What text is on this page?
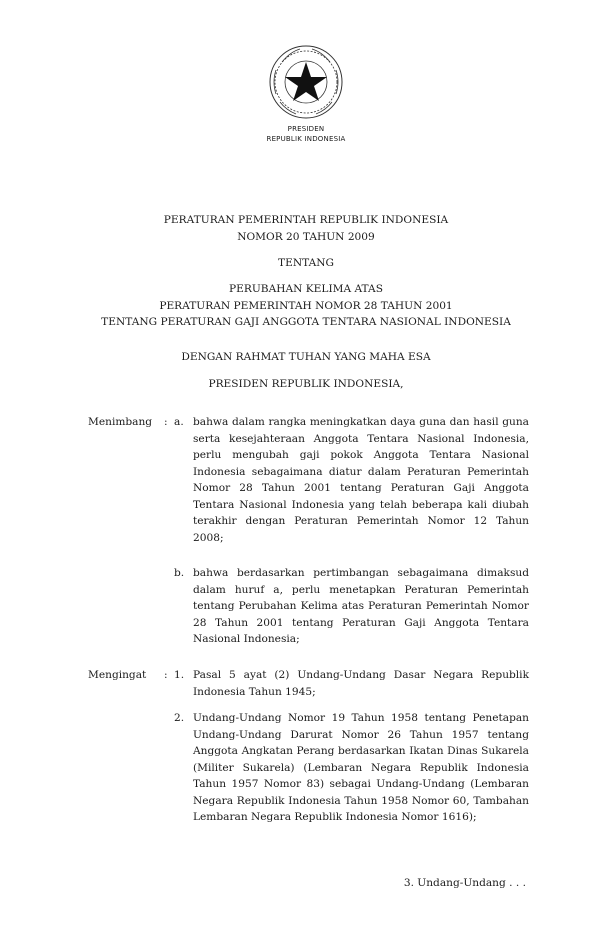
PRESIDEN
REPUBLIK INDONESIA
PERATURAN PEMERINTAH REPUBLIK INDONESIA
NOMOR 20 TAHUN 2009
TENTANG
PERUBAHAN KELIMA ATAS
PERATURAN PEMERINTAH NOMOR 28 TAHUN 2001
TENTANG PERATURAN GAJI ANGGOTA TENTARA NASIONAL INDONESIA
DENGAN RAHMAT TUHAN YANG MAHA ESA
PRESIDEN REPUBLIK INDONESIA,
Menimbang : a. bahwa dalam rangka meningkatkan daya guna dan hasil guna serta kesejahteraan Anggota Tentara Nasional Indonesia, perlu mengubah gaji pokok Anggota Tentara Nasional Indonesia sebagaimana diatur dalam Peraturan Pemerintah Nomor 28 Tahun 2001 tentang Peraturan Gaji Anggota Tentara Nasional Indonesia yang telah beberapa kali diubah terakhir dengan Peraturan Pemerintah Nomor 12 Tahun 2008;
b. bahwa berdasarkan pertimbangan sebagaimana dimaksud dalam huruf a, perlu menetapkan Peraturan Pemerintah tentang Perubahan Kelima atas Peraturan Pemerintah Nomor 28 Tahun 2001 tentang Peraturan Gaji Anggota Tentara Nasional Indonesia;
Mengingat : 1. Pasal 5 ayat (2) Undang-Undang Dasar Negara Republik Indonesia Tahun 1945;
2. Undang-Undang Nomor 19 Tahun 1958 tentang Penetapan Undang-Undang Darurat Nomor 26 Tahun 1957 tentang Anggota Angkatan Perang berdasarkan Ikatan Dinas Sukarela (Militer Sukarela) (Lembaran Negara Republik Indonesia Tahun 1957 Nomor 83) sebagai Undang-Undang (Lembaran Negara Republik Indonesia Tahun 1958 Nomor 60, Tambahan Lembaran Negara Republik Indonesia Nomor 1616);
3. Undang-Undang . . .
